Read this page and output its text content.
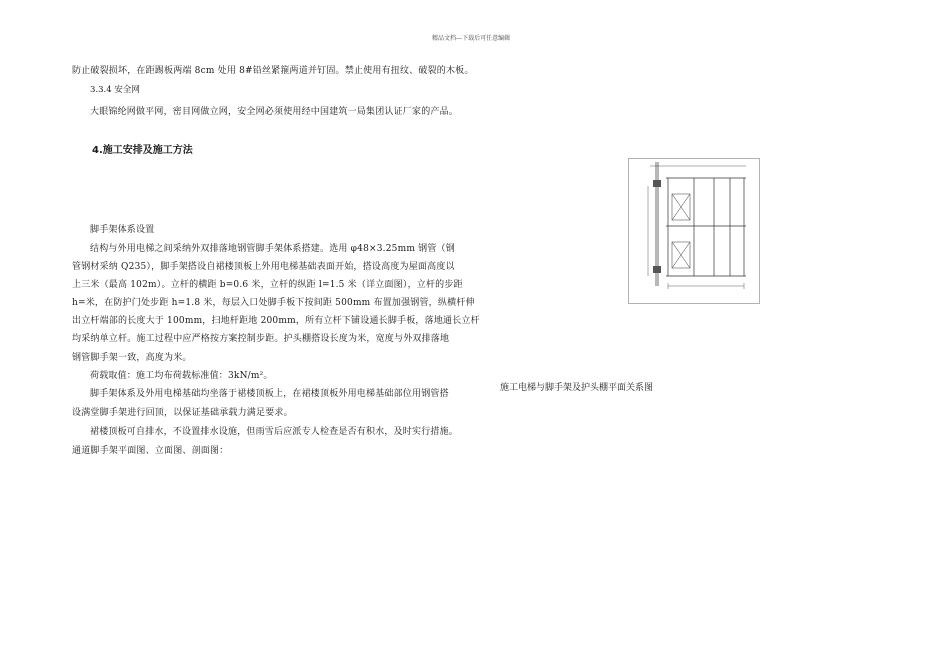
精品文档---下载后可任意编辑
防止破裂损坏，在距踢板两端 8cm 处用 8#铅丝紧箍两道并钉固。禁止使用有扭纹、破裂的木板。
3.3.4 安全网
大眼锦纶网做平网，密目网做立网，安全网必须使用经中国建筑一局集团认证厂家的产品。
4.施工安排及施工方法
脚手架体系设置
结构与外用电梯之间采纳外双排落地钢管脚手架体系搭建。选用 φ48×3.25mm 钢管（钢
管钢材采纳 Q235），脚手架搭设自裙楼顶板上外用电梯基础表面开始，搭设高度为屋面高度以
上三米（最高 102m）。立杆的横距 b=0.6 米，立杆的纵距 l=1.5 米（详立面图），立杆的步距
h=米，在防护门处步距 h=1.8 米，每层入口处脚手板下按间距 500mm 布置加强钢管，纵横杆伸
出立杆端部的长度大于 100mm，扫地杆距地 200mm，所有立杆下铺设通长脚手板，落地通长立杆
均采纳单立杆。施工过程中应严格按方案控制步距。护头棚搭设长度为米，宽度与外双排落地
钢管脚手架一致，高度为米。
荷载取值：施工均布荷载标准值：3kN/m²。
脚手架体系及外用电梯基础均坐落于裙楼顶板上，在裙楼顶板外用电梯基础部位用钢管搭
设满堂脚手架进行回顶，以保证基础承载力满足要求。
裙楼顶板可自排水，不设置排水设施，但雨雪后应派专人检查是否有积水，及时实行措施。
通道脚手架平面图、立面图、剖面图：
施工电梯与脚手架及护头棚平面关系图
